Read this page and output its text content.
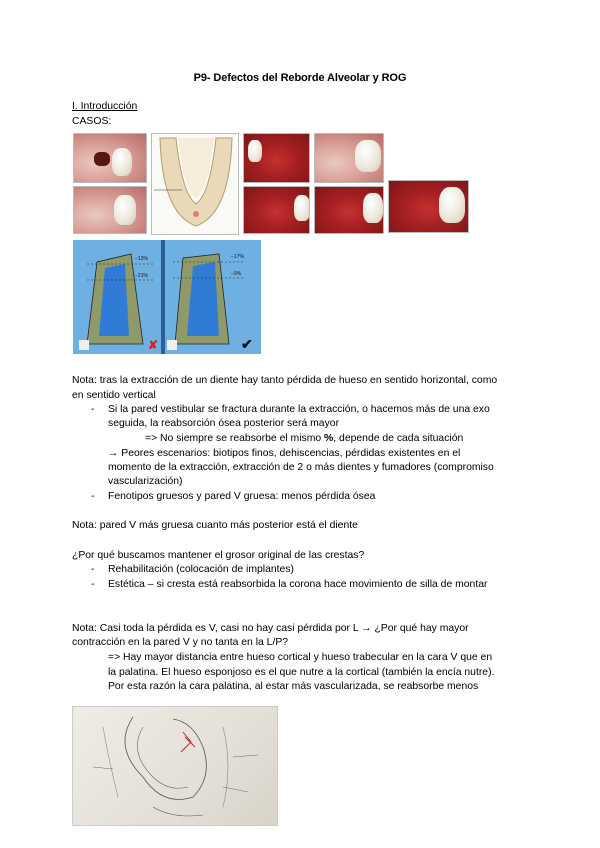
P9- Defectos del Reborde Alveolar y ROG
I. Introducción
CASOS:
−13%
−21%
−17%
−9%
✘	✔
Nota: tras la extracción de un diente hay tanto pérdida de hueso en sentido horizontal, como
en sentido vertical
- Si la pared vestibular se fractura durante la extracción, o hacemos más de una exo
seguida, la reabsorción ósea posterior será mayor
=> No siempre se reabsorbe el mismo %, depende de cada situación
→ Peores escenarios: biotipos finos, dehiscencias, pérdidas existentes en el
momento de la extracción, extracción de 2 o más dientes y fumadores (compromiso
vascularización)
- Fenotipos gruesos y pared V gruesa: menos pérdida ósea
Nota: pared V más gruesa cuanto más posterior está el diente
¿Por qué buscamos mantener el grosor original de las crestas?
- Rehabilitación (colocación de implantes)
- Estética – si cresta está reabsorbida la corona hace movimiento de silla de montar
Nota: Casi toda la pérdida es V, casi no hay casi pérdida por L → ¿Por qué hay mayor
contracción en la pared V y no tanta en la L/P?
=> Hay mayor distancia entre hueso cortical y hueso trabecular en la cara V que en
la palatina. El hueso esponjoso es el que nutre a la cortical (también la encía nutre).
Por esta razón la cara palatina, al estar más vascularizada, se reabsorbe menos
